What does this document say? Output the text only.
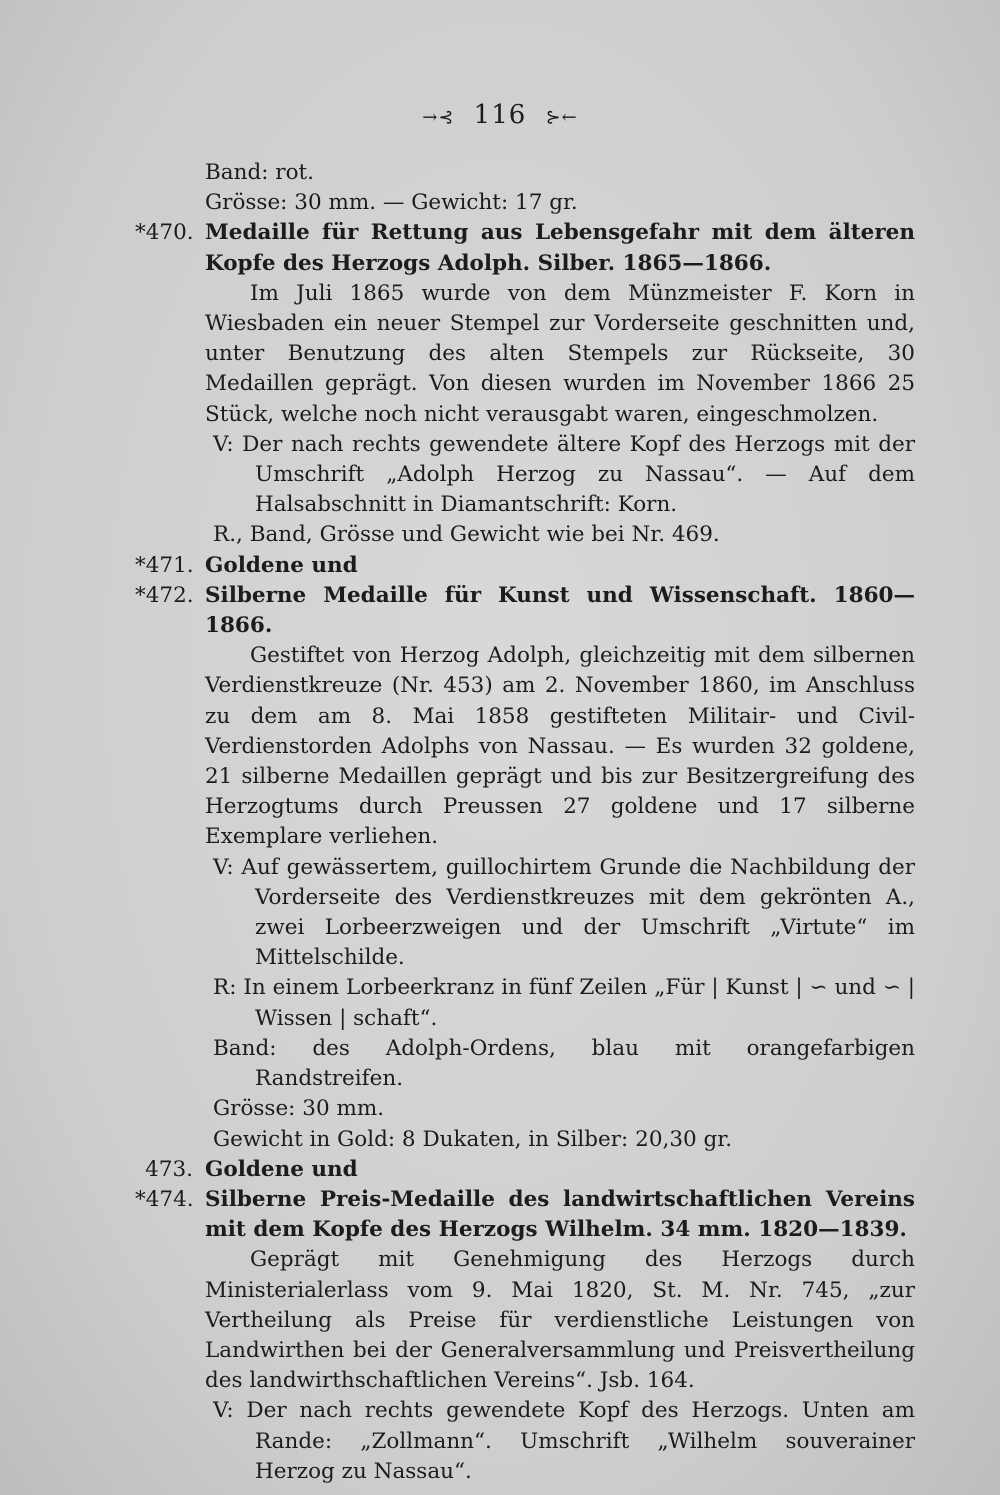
→⊰ 116 ⊱←

Band: rot.

Grösse: 30 mm. — Gewicht: 17 gr.

*470. Medaille für Rettung aus Lebensgefahr mit dem älteren Kopfe des Herzogs Adolph. Silber. 1865—1866.

Im Juli 1865 wurde von dem Münzmeister F. Korn in Wiesbaden ein neuer Stempel zur Vorderseite geschnitten und, unter Benutzung des alten Stempels zur Rückseite, 30 Medaillen geprägt. Von diesen wurden im November 1866 25 Stück, welche noch nicht verausgabt waren, eingeschmolzen.

V: Der nach rechts gewendete ältere Kopf des Herzogs mit der Umschrift „Adolph Herzog zu Nassau“. — Auf dem Halsabschnitt in Diamantschrift: Korn.

R., Band, Grösse und Gewicht wie bei Nr. 469.

*471. Goldene und
*472. Silberne Medaille für Kunst und Wissenschaft. 1860—1866.

Gestiftet von Herzog Adolph, gleichzeitig mit dem silbernen Verdienstkreuze (Nr. 453) am 2. November 1860, im Anschluss zu dem am 8. Mai 1858 gestifteten Militair- und Civil-Verdienstorden Adolphs von Nassau. — Es wurden 32 goldene, 21 silberne Medaillen geprägt und bis zur Besitzergreifung des Herzogtums durch Preussen 27 goldene und 17 silberne Exemplare verliehen.

V: Auf gewässertem, guillochirtem Grunde die Nachbildung der Vorderseite des Verdienstkreuzes mit dem gekrönten A., zwei Lorbeerzweigen und der Umschrift „Virtute“ im Mittelschilde.

R: In einem Lorbeerkranz in fünf Zeilen „Für | Kunst | ∽ und ∽ | Wissen | schaft“.

Band: des Adolph-Ordens, blau mit orangefarbigen Randstreifen.

Grösse: 30 mm.

Gewicht in Gold: 8 Dukaten, in Silber: 20,30 gr.

473. Goldene und
*474. Silberne Preis-Medaille des landwirtschaftlichen Vereins mit dem Kopfe des Herzogs Wilhelm. 34 mm. 1820—1839.

Geprägt mit Genehmigung des Herzogs durch Ministerialerlass vom 9. Mai 1820, St. M. Nr. 745, „zur Vertheilung als Preise für verdienstliche Leistungen von Landwirthen bei der Generalversammlung und Preisvertheilung des landwirthschaftlichen Vereins“. Jsb. 164.

V: Der nach rechts gewendete Kopf des Herzogs. Unten am Rande: „Zollmann“. Umschrift „Wilhelm souverainer Herzog zu Nassau“.
